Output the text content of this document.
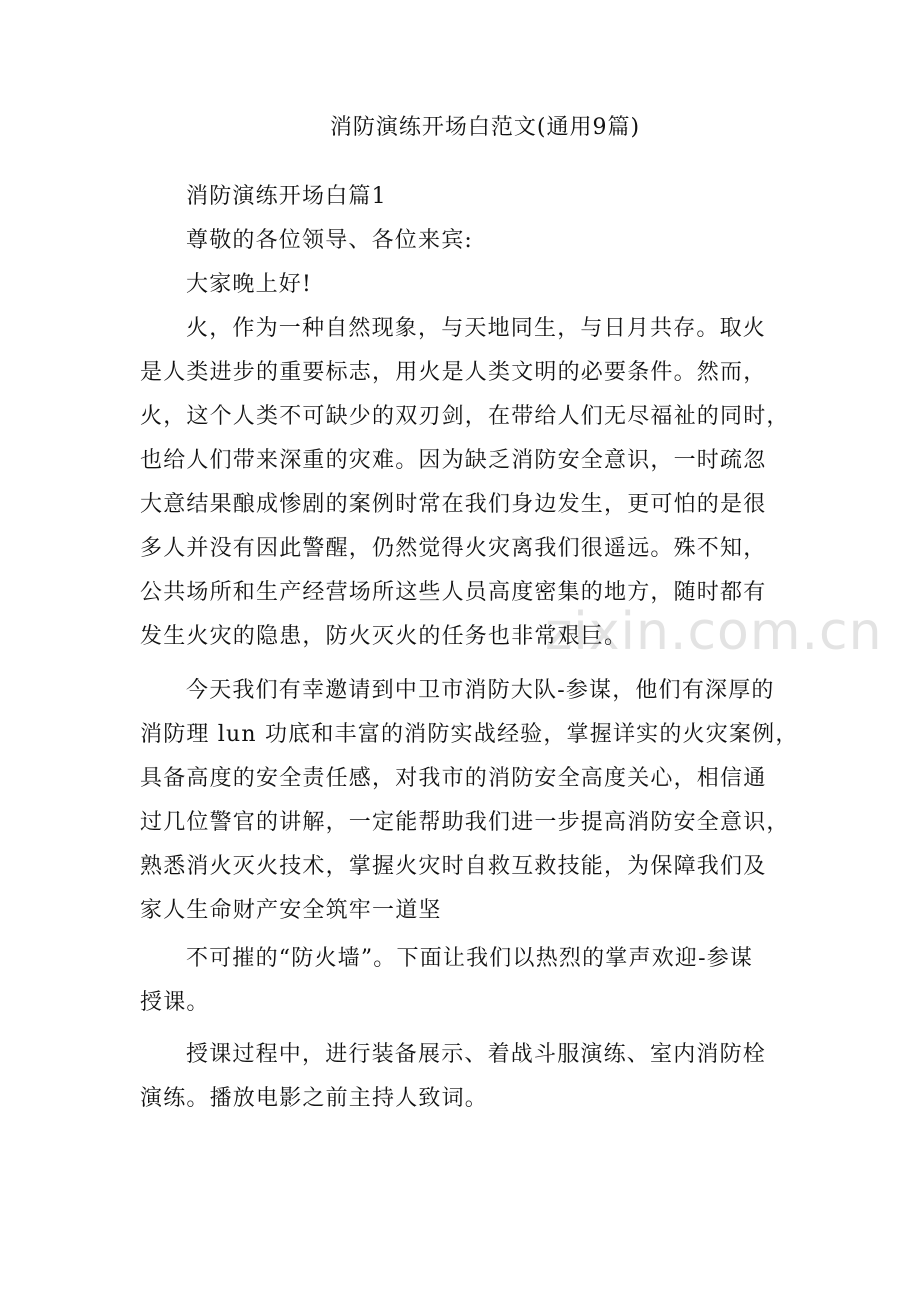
zixin.com.cn
消防演练开场白范文(通用9篇)
消防演练开场白篇1
尊敬的各位领导、各位来宾:
大家晚上好!
火，作为一种自然现象，与天地同生，与日月共存。取火
是人类进步的重要标志，用火是人类文明的必要条件。然而，
火，这个人类不可缺少的双刃剑，在带给人们无尽福祉的同时，
也给人们带来深重的灾难。因为缺乏消防安全意识，一时疏忽
大意结果酿成惨剧的案例时常在我们身边发生，更可怕的是很
多人并没有因此警醒，仍然觉得火灾离我们很遥远。殊不知，
公共场所和生产经营场所这些人员高度密集的地方，随时都有
发生火灾的隐患，防火灭火的任务也非常艰巨。
今天我们有幸邀请到中卫市消防大队-参谋，他们有深厚的
消防理 lun 功底和丰富的消防实战经验，掌握详实的火灾案例，
具备高度的安全责任感，对我市的消防安全高度关心，相信通
过几位警官的讲解，一定能帮助我们进一步提高消防安全意识，
熟悉消火灭火技术，掌握火灾时自救互救技能，为保障我们及
家人生命财产安全筑牢一道坚
不可摧的“防火墙”。下面让我们以热烈的掌声欢迎-参谋
授课。
授课过程中，进行装备展示、着战斗服演练、室内消防栓
演练。播放电影之前主持人致词。
